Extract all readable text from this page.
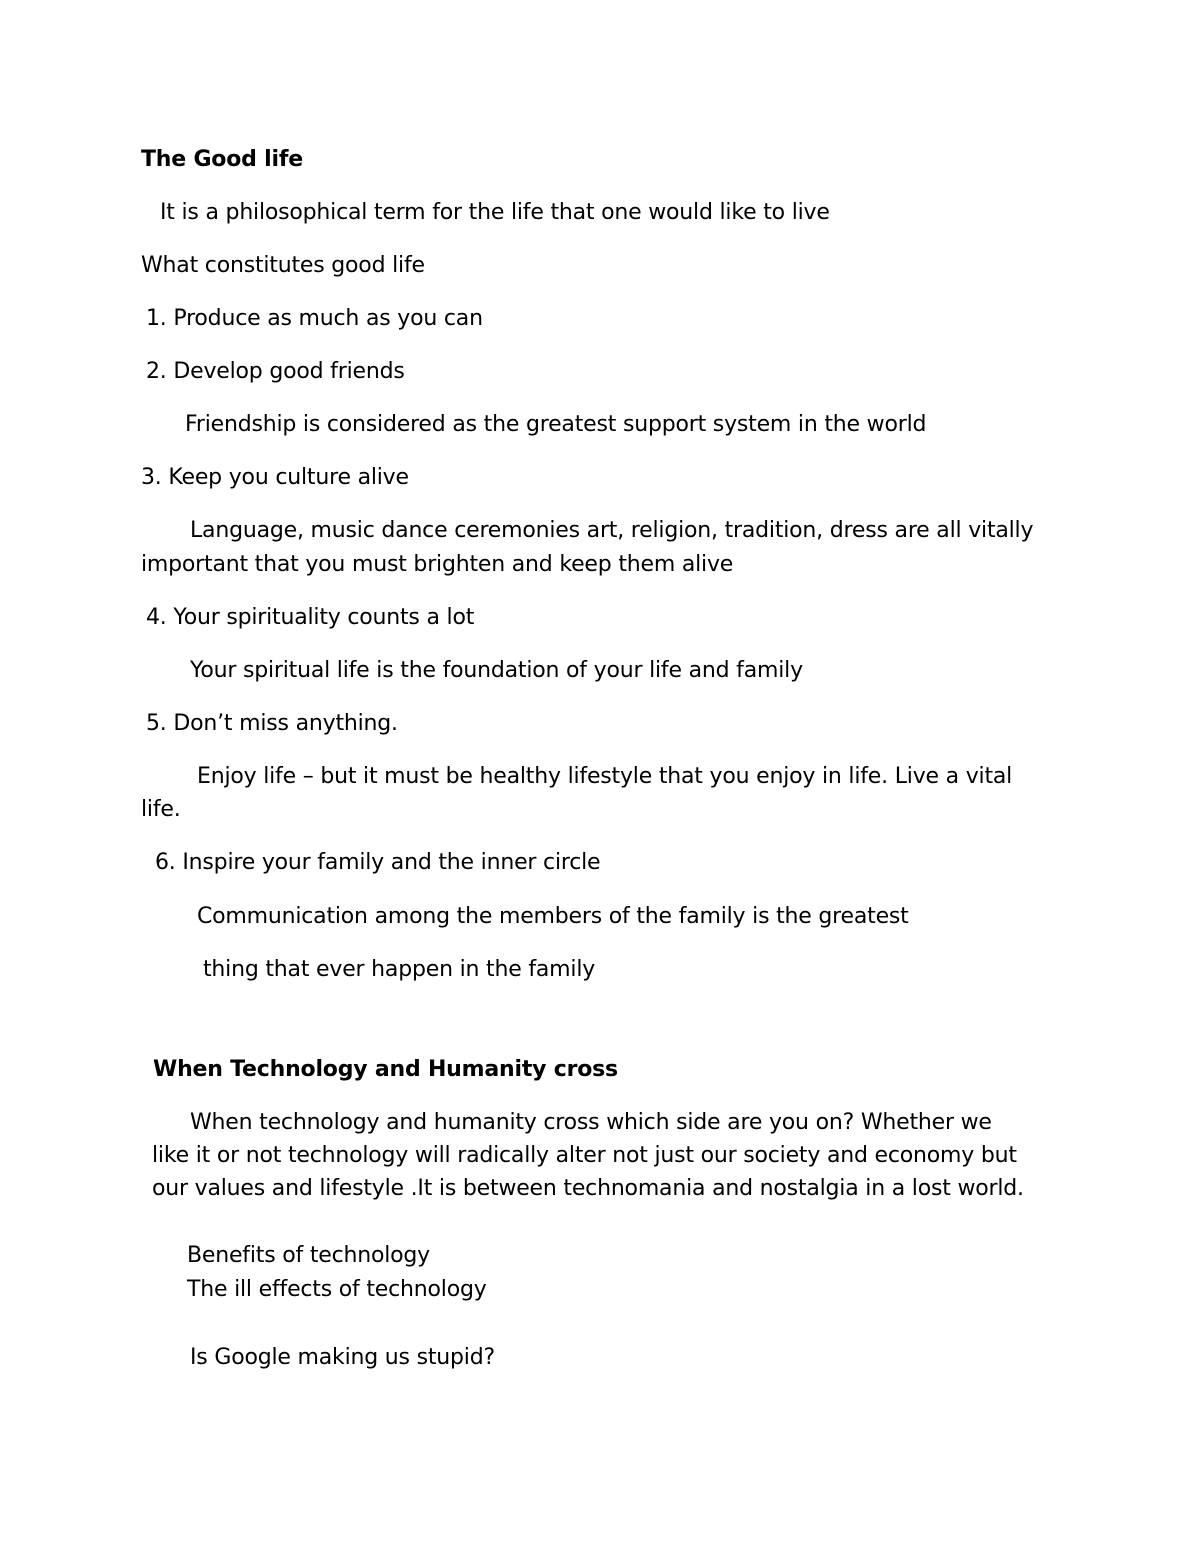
The Good life

It is a philosophical term for the life that one would like to live

What constitutes good life

1. Produce as much as you can

2. Develop good friends

Friendship is considered as the greatest support system in the world

3. Keep you culture alive

Language, music dance ceremonies art, religion, tradition, dress are all vitally

important that you must brighten and keep them alive

4. Your spirituality counts a lot

Your spiritual life is the foundation of your life and family

5. Don’t miss anything.

Enjoy life – but it must be healthy lifestyle that you enjoy in life. Live a vital

life.

6. Inspire your family and the inner circle

Communication among the members of the family is the greatest

thing that ever happen in the family

When Technology and Humanity cross

When technology and humanity cross which side are you on? Whether we

like it or not technology will radically alter not just our society and economy but

our values and lifestyle .It is between technomania and nostalgia in a lost world.

Benefits of technology

The ill effects of technology

Is Google making us stupid?
